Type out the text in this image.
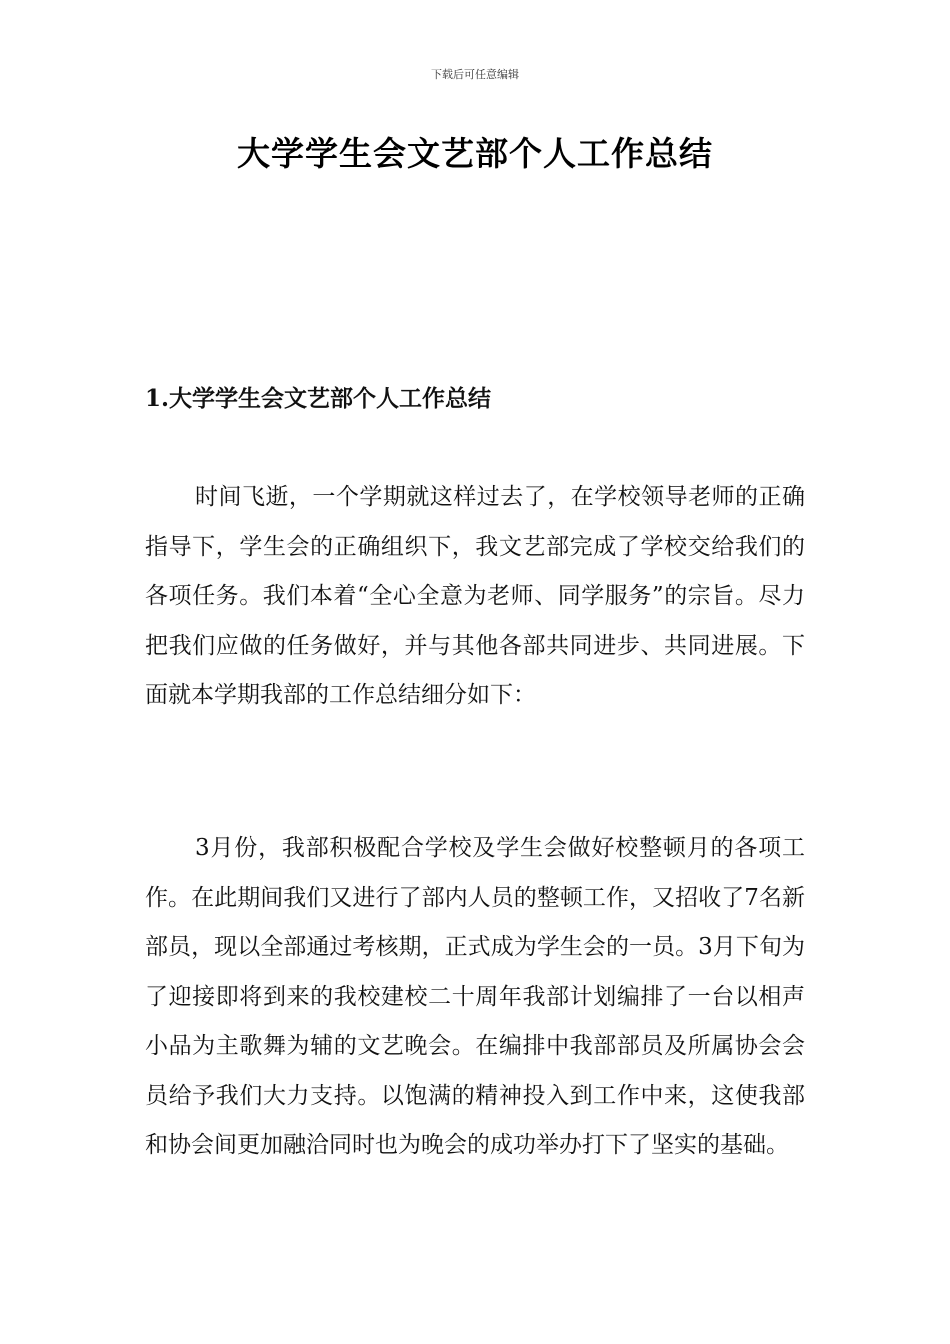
下载后可任意编辑
大学学生会文艺部个人工作总结
1.大学学生会文艺部个人工作总结

时间飞逝，一个学期就这样过去了，在学校领导老师的正确指导下，学生会的正确组织下，我文艺部完成了学校交给我们的各项任务。我们本着“全心全意为老师、同学服务”的宗旨。尽力把我们应做的任务做好，并与其他各部共同进步、共同进展。下面就本学期我部的工作总结细分如下：

3月份，我部积极配合学校及学生会做好校整顿月的各项工作。在此期间我们又进行了部内人员的整顿工作，又招收了7名新部员，现以全部通过考核期，正式成为学生会的一员。3月下旬为了迎接即将到来的我校建校二十周年我部计划编排了一台以相声小品为主歌舞为辅的文艺晚会。在编排中我部部员及所属协会会员给予我们大力支持。以饱满的精神投入到工作中来，这使我部和协会间更加融洽同时也为晚会的成功举办打下了坚实的基础。
